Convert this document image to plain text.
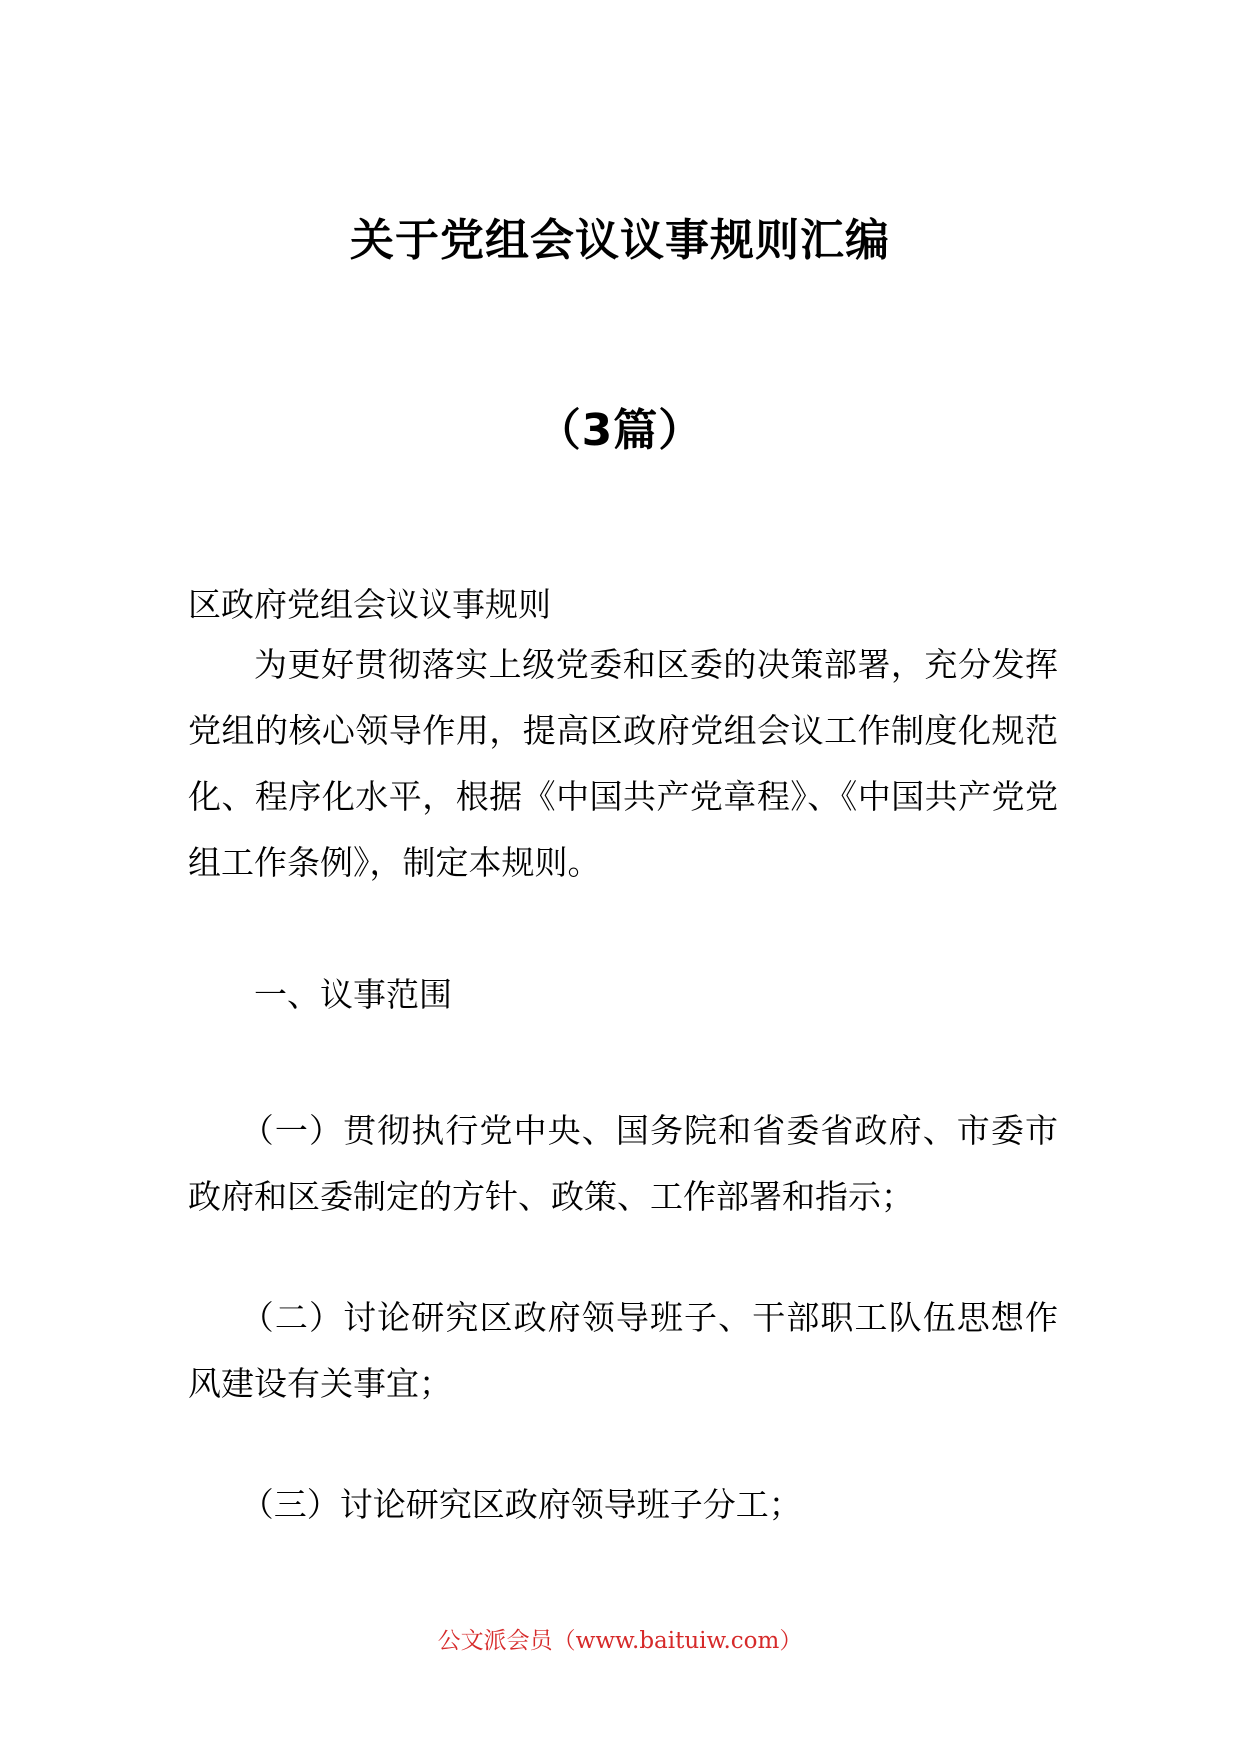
关于党组会议议事规则汇编
（3篇）

区政府党组会议议事规则

为更好贯彻落实上级党委和区委的决策部署，充分发挥党组的核心领导作用，提高区政府党组会议工作制度化规范化、程序化水平，根据《中国共产党章程》、《中国共产党党组工作条例》，制定本规则。

一、议事范围

（一）贯彻执行党中央、国务院和省委省政府、市委市政府和区委制定的方针、政策、工作部署和指示；

（二）讨论研究区政府领导班子、干部职工队伍思想作风建设有关事宜；

（三）讨论研究区政府领导班子分工；

公文派会员（www.baituiw.com）
